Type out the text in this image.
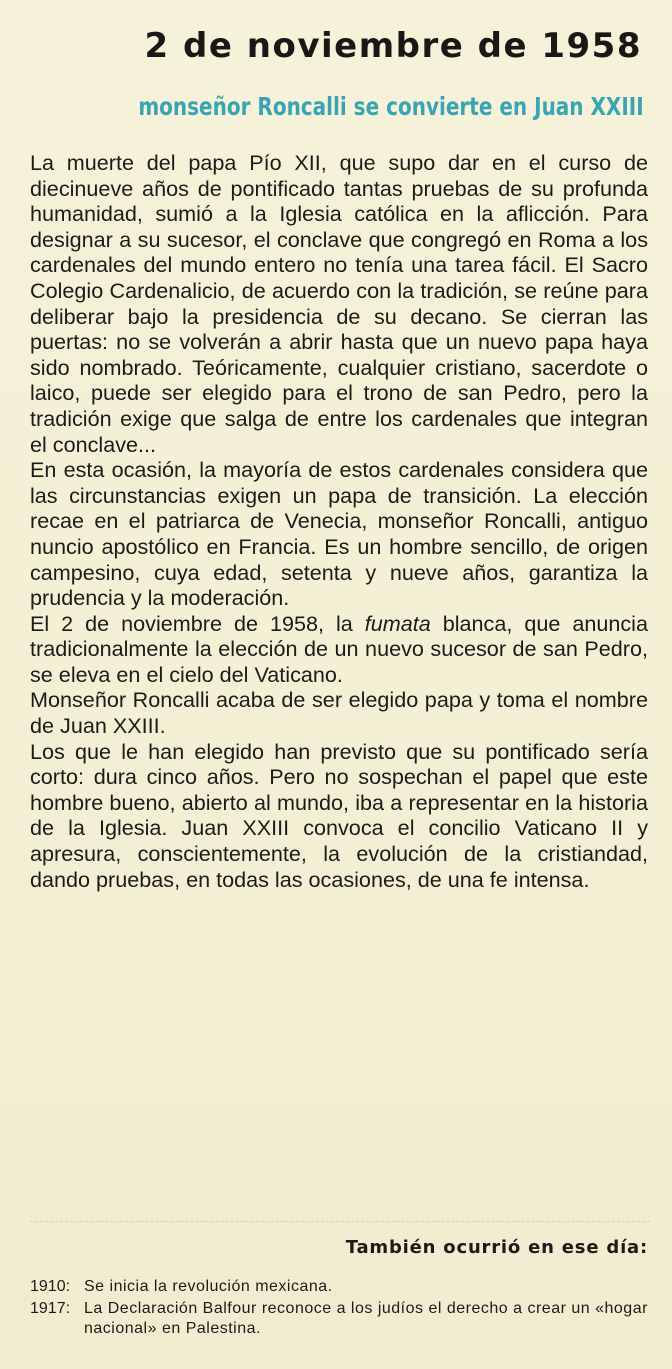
2 de noviembre de 1958
monseñor Roncalli se convierte en Juan XXIII

La muerte del papa Pío XII, que supo dar en el curso de diecinueve años de pontificado tantas pruebas de su profunda humanidad, sumió a la Iglesia católica en la aflicción. Para designar a su sucesor, el conclave que congregó en Roma a los cardenales del mundo entero no tenía una tarea fácil. El Sacro Colegio Cardenalicio, de acuerdo con la tradición, se reúne para deliberar bajo la presidencia de su decano. Se cierran las puertas: no se volverán a abrir hasta que un nuevo papa haya sido nombrado. Teóricamente, cualquier cristiano, sacerdote o laico, puede ser elegido para el trono de san Pedro, pero la tradición exige que salga de entre los cardenales que integran el conclave...

En esta ocasión, la mayoría de estos cardenales considera que las circunstancias exigen un papa de transición. La elección recae en el patriarca de Venecia, monseñor Roncalli, antiguo nuncio apostólico en Francia. Es un hombre sencillo, de origen campesino, cuya edad, setenta y nueve años, garantiza la prudencia y la moderación.

El 2 de noviembre de 1958, la fumata blanca, que anuncia tradicionalmente la elección de un nuevo sucesor de san Pedro, se eleva en el cielo del Vaticano.

Monseñor Roncalli acaba de ser elegido papa y toma el nombre de Juan XXIII.

Los que le han elegido han previsto que su pontificado sería corto: dura cinco años. Pero no sospechan el papel que este hombre bueno, abierto al mundo, iba a representar en la historia de la Iglesia. Juan XXIII convoca el concilio Vaticano II y apresura, conscientemente, la evolución de la cristiandad, dando pruebas, en todas las ocasiones, de una fe intensa.

También ocurrió en ese día:
1910: Se inicia la revolución mexicana.
1917: La Declaración Balfour reconoce a los judíos el derecho a crear un «hogar nacional» en Palestina.
